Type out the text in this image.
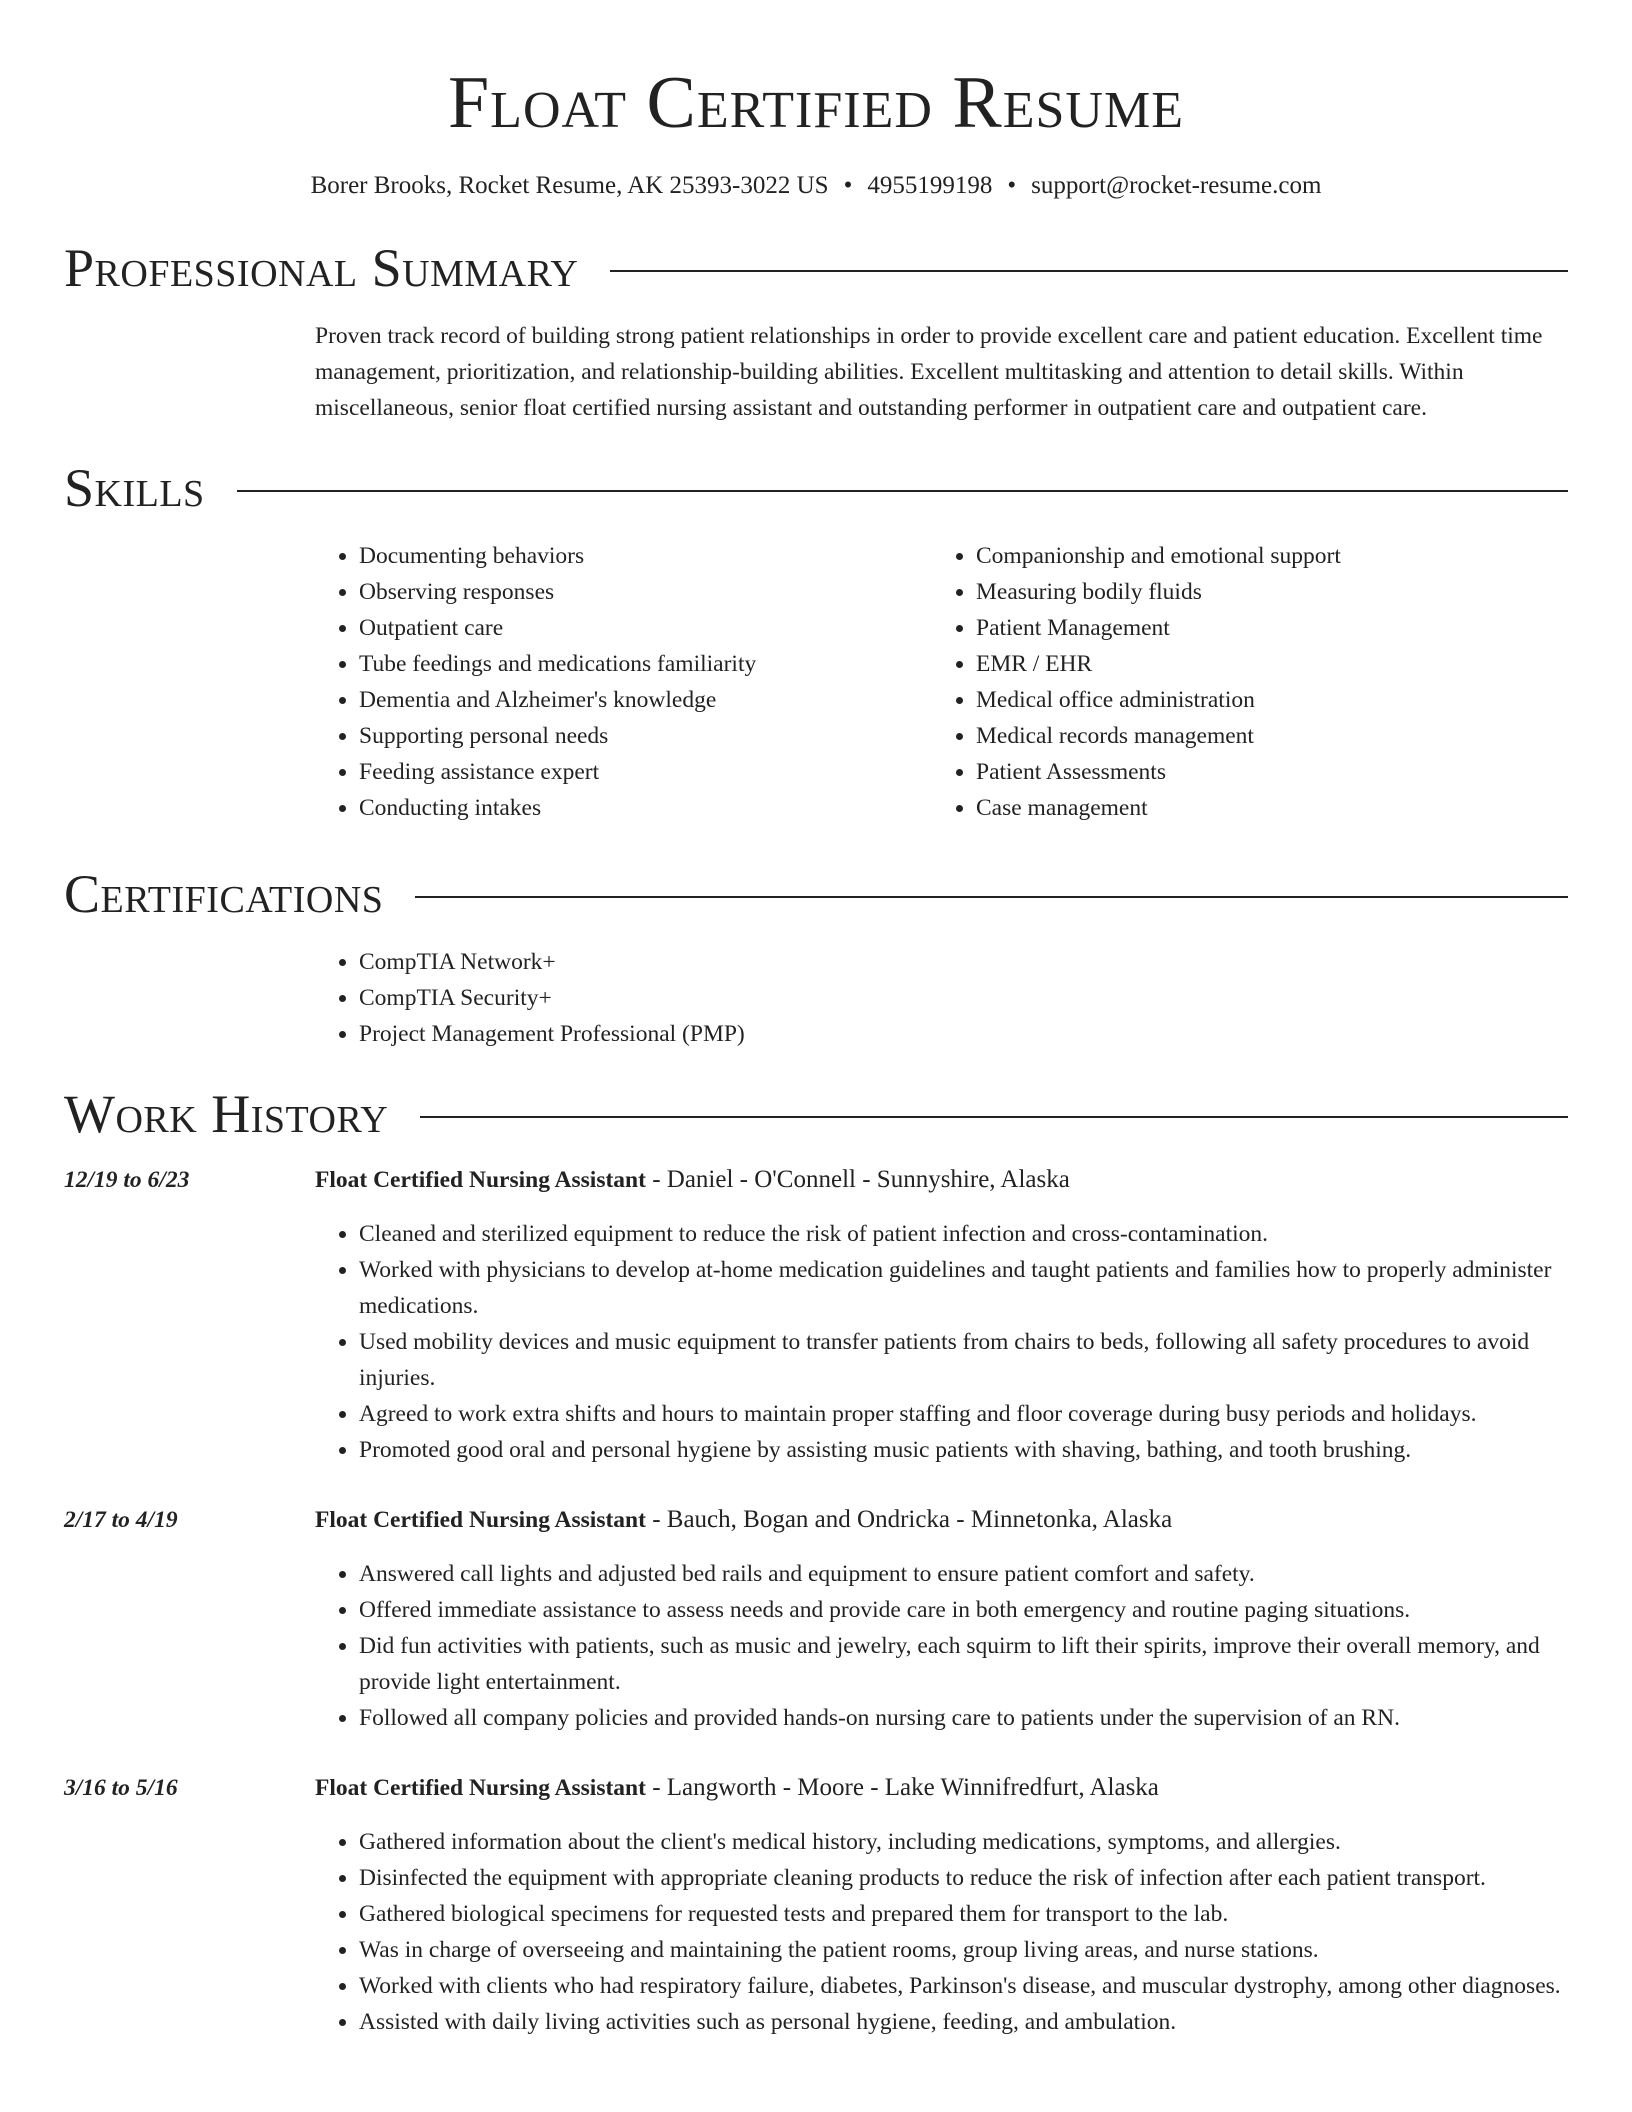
Float Certified Resume
Borer Brooks, Rocket Resume, AK 25393-3022 US • 4955199198 • support@rocket-resume.com
Professional Summary

Proven track record of building strong patient relationships in order to provide excellent care and patient education. Excellent time management, prioritization, and relationship-building abilities. Excellent multitasking and attention to detail skills. Within miscellaneous, senior float certified nursing assistant and outstanding performer in outpatient care and outpatient care.

Skills
• Documenting behaviors
• Observing responses
• Outpatient care
• Tube feedings and medications familiarity
• Dementia and Alzheimer's knowledge
• Supporting personal needs
• Feeding assistance expert
• Conducting intakes
• Companionship and emotional support
• Measuring bodily fluids
• Patient Management
• EMR / EHR
• Medical office administration
• Medical records management
• Patient Assessments
• Case management
Certifications
• CompTIA Network+
• CompTIA Security+
• Project Management Professional (PMP)
Work History
12/19 to 6/23	Float Certified Nursing Assistant - Daniel - O'Connell - Sunnyshire, Alaska
• Cleaned and sterilized equipment to reduce the risk of patient infection and cross-contamination.
• Worked with physicians to develop at-home medication guidelines and taught patients and families how to properly administer medications.
• Used mobility devices and music equipment to transfer patients from chairs to beds, following all safety procedures to avoid injuries.
• Agreed to work extra shifts and hours to maintain proper staffing and floor coverage during busy periods and holidays.
• Promoted good oral and personal hygiene by assisting music patients with shaving, bathing, and tooth brushing.
2/17 to 4/19	Float Certified Nursing Assistant - Bauch, Bogan and Ondricka - Minnetonka, Alaska
• Answered call lights and adjusted bed rails and equipment to ensure patient comfort and safety.
• Offered immediate assistance to assess needs and provide care in both emergency and routine paging situations.
• Did fun activities with patients, such as music and jewelry, each squirm to lift their spirits, improve their overall memory, and provide light entertainment.
• Followed all company policies and provided hands-on nursing care to patients under the supervision of an RN.
3/16 to 5/16	Float Certified Nursing Assistant - Langworth - Moore - Lake Winnifredfurt, Alaska
• Gathered information about the client's medical history, including medications, symptoms, and allergies.
• Disinfected the equipment with appropriate cleaning products to reduce the risk of infection after each patient transport.
• Gathered biological specimens for requested tests and prepared them for transport to the lab.
• Was in charge of overseeing and maintaining the patient rooms, group living areas, and nurse stations.
• Worked with clients who had respiratory failure, diabetes, Parkinson's disease, and muscular dystrophy, among other diagnoses.
• Assisted with daily living activities such as personal hygiene, feeding, and ambulation.
